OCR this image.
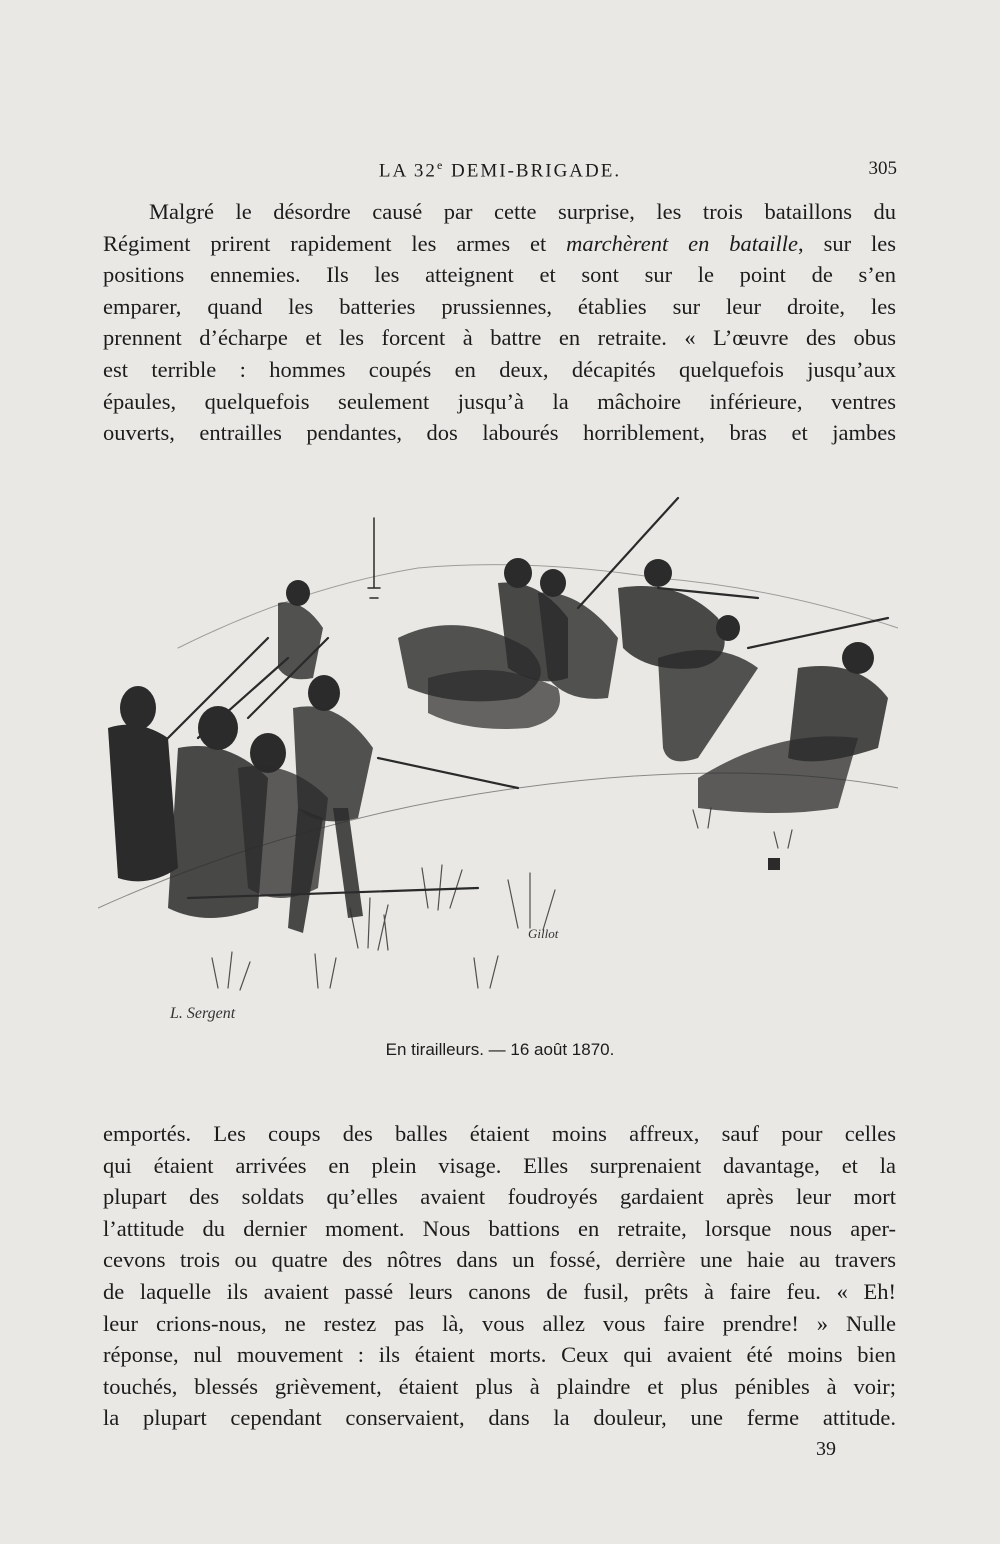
LA 32e DEMI-BRIGADE.	305
Malgré le désordre causé par cette surprise, les trois bataillons du
Régiment prirent rapidement les armes et marchèrent en bataille, sur les
positions ennemies. Ils les atteignent et sont sur le point de s’en
emparer, quand les batteries prussiennes, établies sur leur droite, les
prennent d’écharpe et les forcent à battre en retraite. « L’œuvre des obus
est terrible : hommes coupés en deux, décapités quelquefois jusqu’aux
épaules, quelquefois seulement jusqu’à la mâchoire inférieure, ventres
ouverts, entrailles pendantes, dos labourés horriblement, bras et jambes
L. Sergent
Gillot
En tirailleurs. — 16 août 1870.
emportés. Les coups des balles étaient moins affreux, sauf pour celles
qui étaient arrivées en plein visage. Elles surprenaient davantage, et la
plupart des soldats qu’elles avaient foudroyés gardaient après leur mort
l’attitude du dernier moment. Nous battions en retraite, lorsque nous aper-
cevons trois ou quatre des nôtres dans un fossé, derrière une haie au travers
de laquelle ils avaient passé leurs canons de fusil, prêts à faire feu. « Eh!
leur crions-nous, ne restez pas là, vous allez vous faire prendre! » Nulle
réponse, nul mouvement : ils étaient morts. Ceux qui avaient été moins bien
touchés, blessés grièvement, étaient plus à plaindre et plus pénibles à voir;
la plupart cependant conservaient, dans la douleur, une ferme attitude.
39
